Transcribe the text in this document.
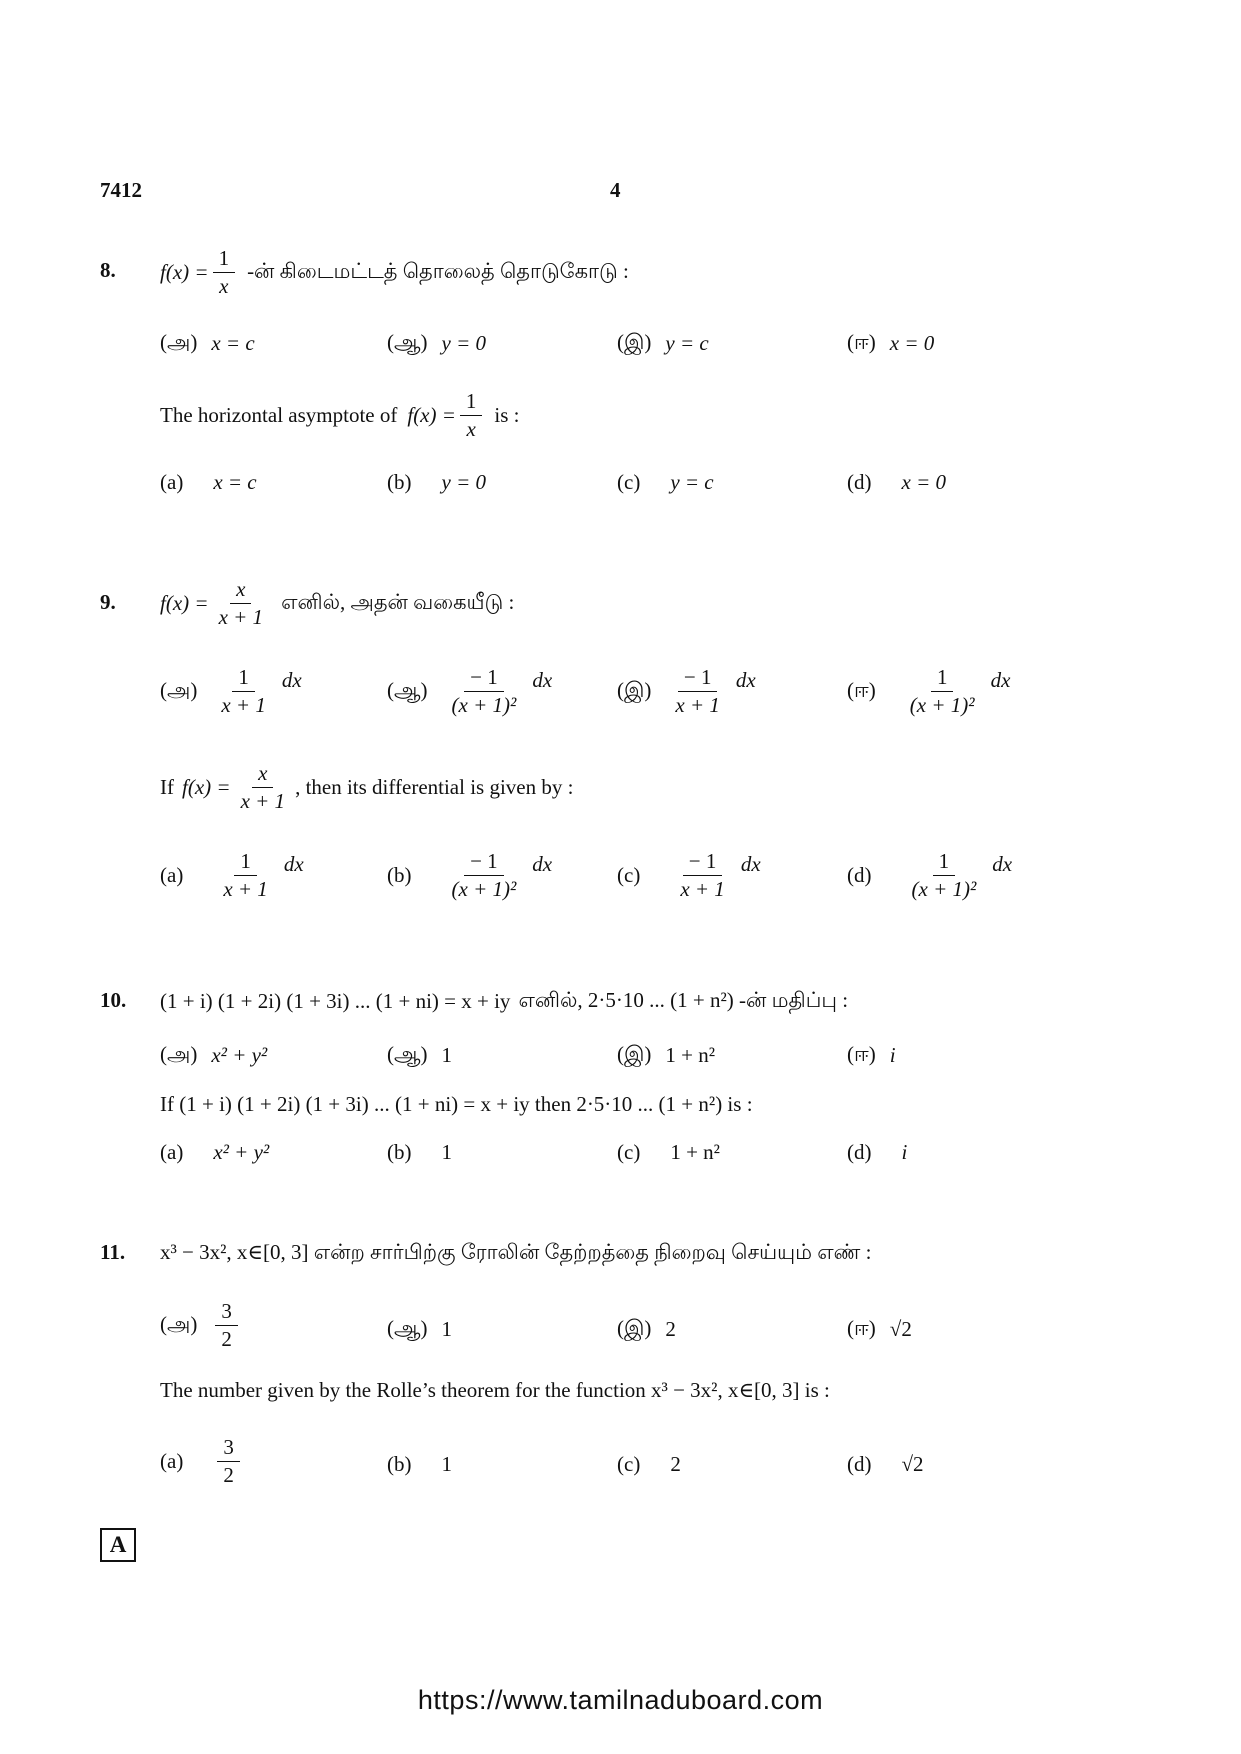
7412	4
8. $f(x) = \frac{1}{x}$ -ன் கிடைமட்டத் தொலைத் தொடுகோடு :
(அ) x = c	(ஆ) y = 0	(இ) y = c	(ஈ) x = 0
The horizontal asymptote of $f(x) = \frac{1}{x}$ is :
(a) x = c	(b) y = 0	(c) y = c	(d) x = 0
9. $f(x) = \frac{x}{x + 1}$ எனில், அதன் வகையீடு :
(அ) $\frac{1}{x + 1}$ dx	(ஆ) $\frac{- 1}{\text{(x + 1)²}}$ dx	(இ) $\frac{- 1}{x + 1}$ dx	(ஈ) $\frac{1}{\text{(x + 1)²}}$ dx
If $f(x) = \frac{x}{x + 1}$ , then its differential is given by :
$(a) \frac{1}{x + 1}$ dx	$(b) \frac{- 1}{\text{(x + 1)²}}$ dx	$(c) \frac{- 1}{x + 1}$ dx	$(d) \frac{1}{\text{(x + 1)²}}$ dx
10. (1 + i) (1 + 2i) (1 + 3i) ... (1 + ni) = x + iy எனில், 2·5·10 ... (1 + n²) -ன் மதிப்பு :
(அ) x² + y²	(ஆ) 1	(இ) 1 + n²	(ஈ) i
If (1 + i) (1 + 2i) (1 + 3i) ... (1 + ni) = x + iy then 2·5·10 ... (1 + n²) is :
(a) x² + y²	(b) 1	(c) 1 + n²	(d) i
11. x³ − 3x², x∈[0, 3] என்ற சார்பிற்கு ரோலின் தேற்றத்தை நிறைவு செய்யும் எண் :
(அ) $\frac{3}{2}$	(ஆ) 1	(இ) 2	(ஈ) √2
The number given by the Rolle’s theorem for the function x³ − 3x², x∈[0, 3] is :
$(a) \frac{3}{2}$	(b) 1	(c) 2	(d) √2
A
https://www.tamilnaduboard.com
